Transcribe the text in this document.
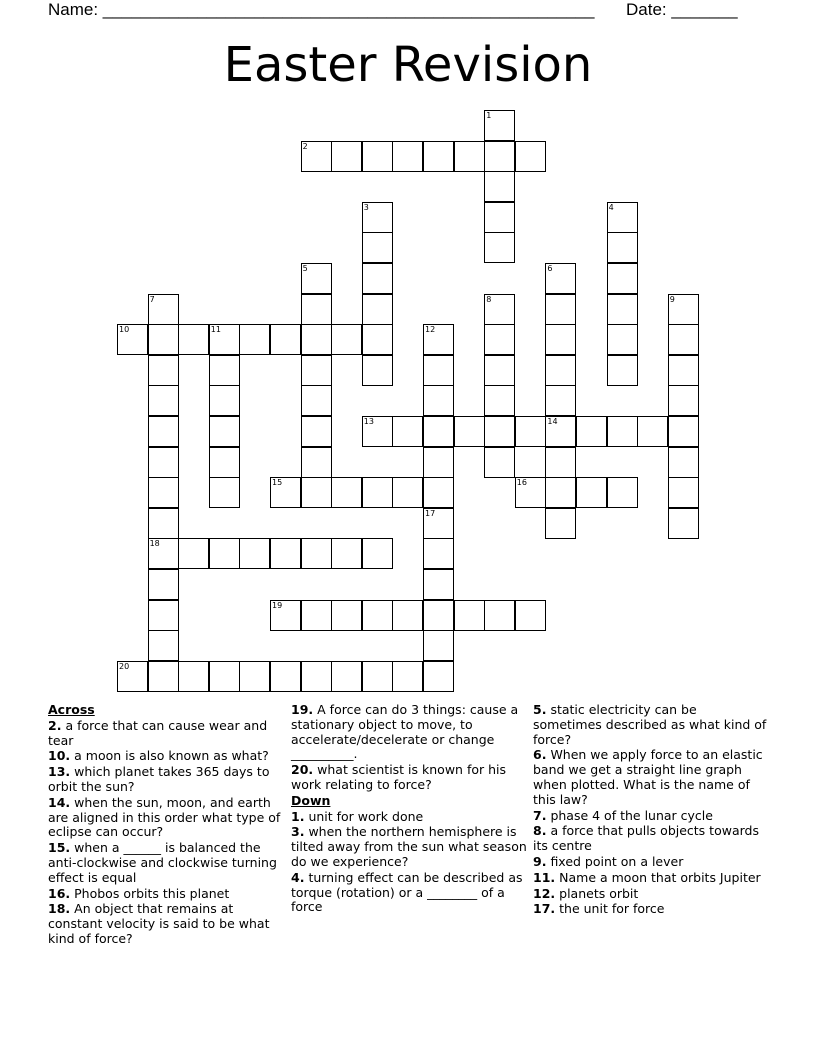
Name: ____________________________________________________ Date: _______
Easter Revision
1
2
3	4
5	6
7	8	9
10	11	12
13	14
15	16
17
18
19
20
Across
2. a force that can cause wear and tear
10. a moon is also known as what?
13. which planet takes 365 days to orbit the sun?
14. when the sun, moon, and earth are aligned in this order what type of eclipse can occur?
15. when a ______ is balanced the anti-clockwise and clockwise turning effect is equal
16. Phobos orbits this planet
18. An object that remains at constant velocity is said to be what kind of force?
19. A force can do 3 things: cause a stationary object to move, to accelerate/decelerate or change __________.
20. what scientist is known for his work relating to force?
Down
1. unit for work done
3. when the northern hemisphere is tilted away from the sun what season do we experience?
4. turning effect can be described as torque (rotation) or a ________ of a force
5. static electricity can be sometimes described as what kind of force?
6. When we apply force to an elastic band we get a straight line graph when plotted. What is the name of this law?
7. phase 4 of the lunar cycle
8. a force that pulls objects towards its centre
9. fixed point on a lever
11. Name a moon that orbits Jupiter
12. planets orbit
17. the unit for force
